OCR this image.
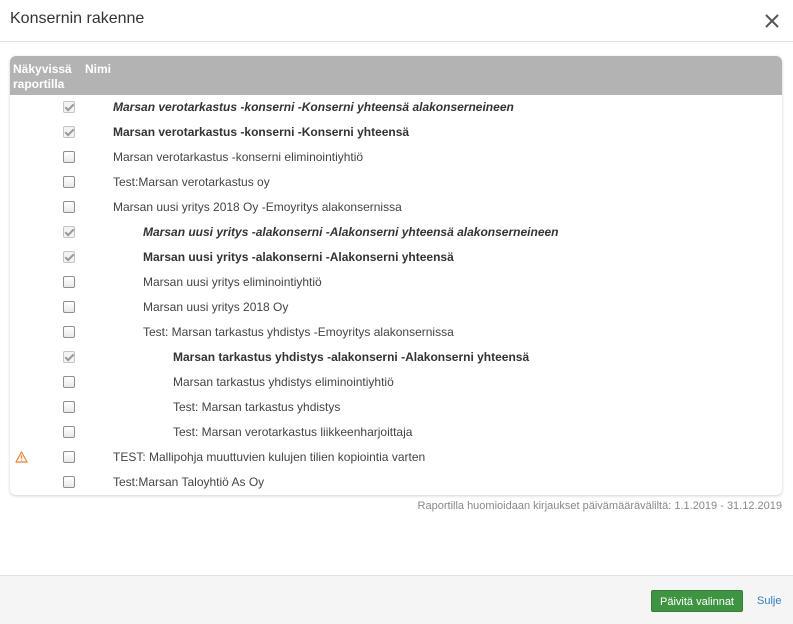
Konsernin rakenne
Näkyvissä
raportilla
Nimi
Marsan verotarkastus -konserni -Konserni yhteensä alakonserneineen
Marsan verotarkastus -konserni -Konserni yhteensä
Marsan verotarkastus -konserni eliminointiyhtiö
Test:Marsan verotarkastus oy
Marsan uusi yritys 2018 Oy -Emoyritys alakonsernissa
Marsan uusi yritys -alakonserni -Alakonserni yhteensä alakonserneineen
Marsan uusi yritys -alakonserni -Alakonserni yhteensä
Marsan uusi yritys eliminointiyhtiö
Marsan uusi yritys 2018 Oy
Test: Marsan tarkastus yhdistys -Emoyritys alakonsernissa
Marsan tarkastus yhdistys -alakonserni -Alakonserni yhteensä
Marsan tarkastus yhdistys eliminointiyhtiö
Test: Marsan tarkastus yhdistys
Test: Marsan verotarkastus liikkeenharjoittaja
TEST: Mallipohja muuttuvien kulujen tilien kopiointia varten
Test:Marsan Taloyhtiö As Oy
Raportilla huomioidaan kirjaukset päivämääräväliltä: 1.1.2019 - 31.12.2019
Päivitä valinnat	Sulje
